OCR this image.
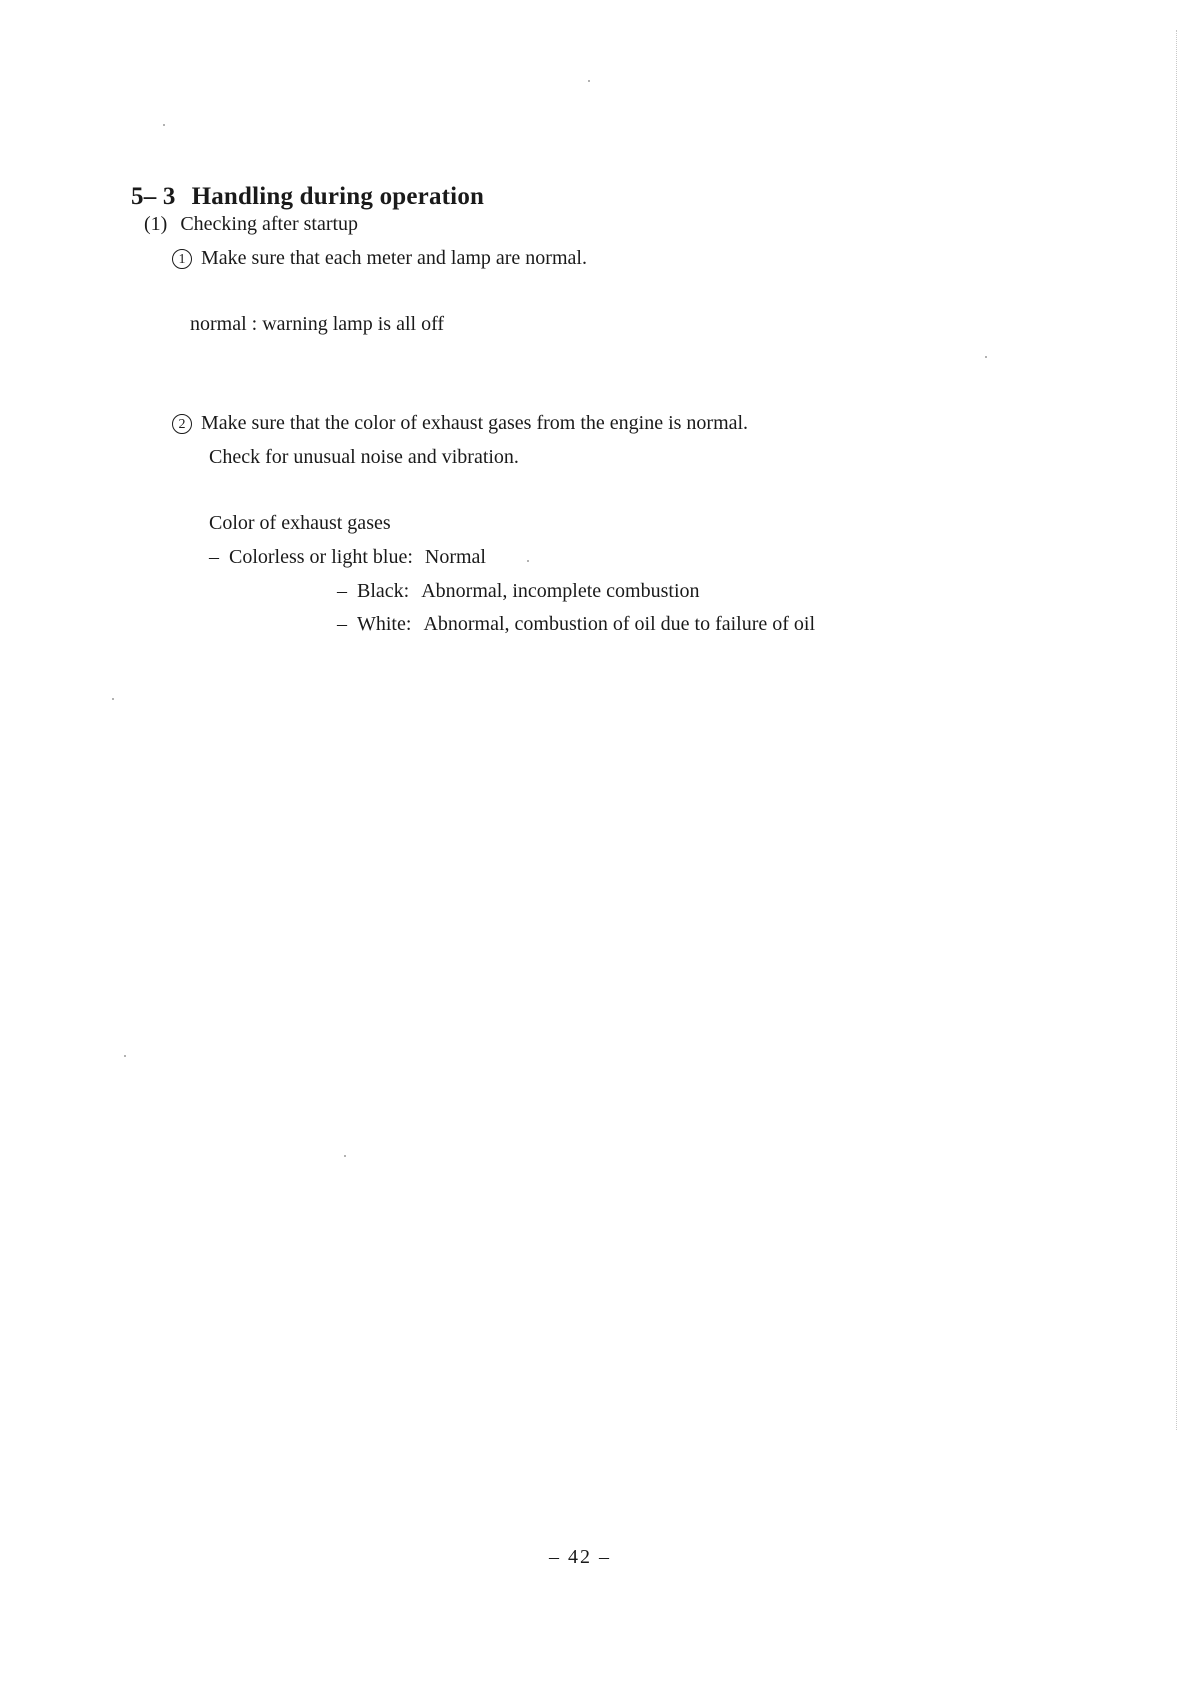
5– 3 Handling during operation
(1) Checking after startup
1 Make sure that each meter and lamp are normal.
normal : warning lamp is all off
2 Make sure that the color of exhaust gases from the engine is normal.
Check for unusual noise and vibration.
Color of exhaust gases
– Colorless or light blue: Normal
– Black: Abnormal, incomplete combustion
– White: Abnormal, combustion of oil due to failure of oil
– 42 –
